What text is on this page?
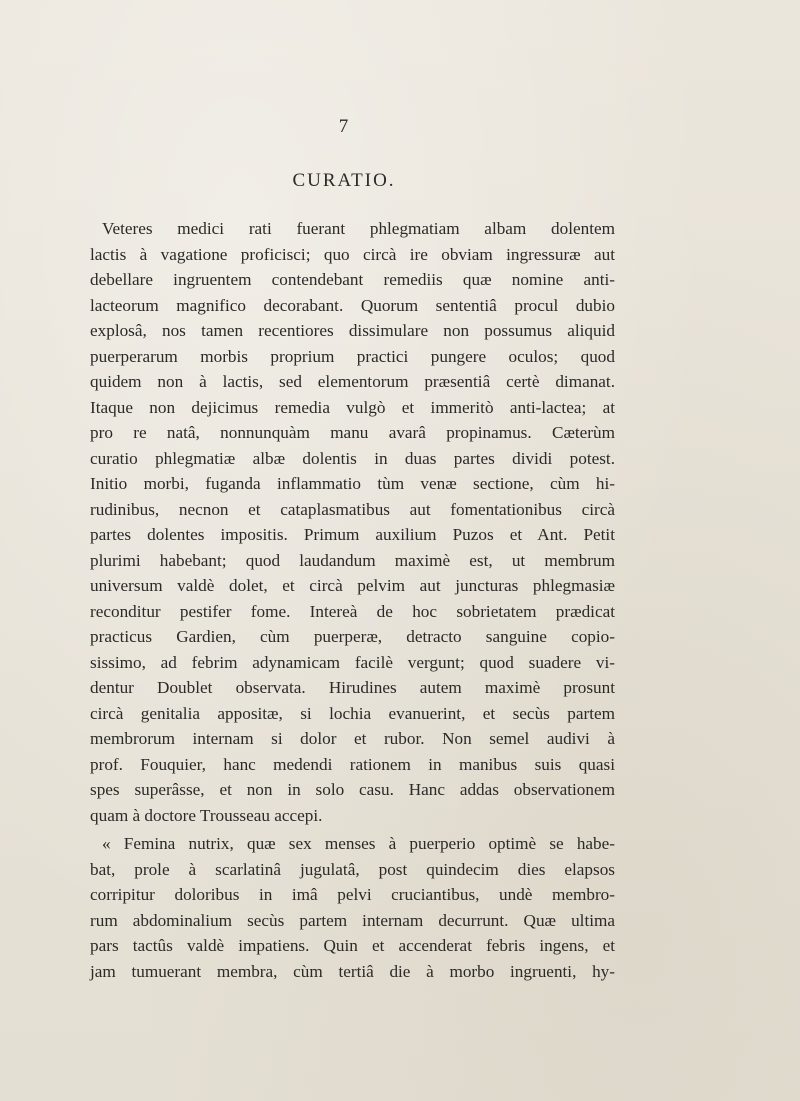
7
CURATIO.
Veteres medici rati fuerant phlegmatiam albam dolentem
lactis à vagatione proficisci; quo circà ire obviam ingressuræ aut
debellare ingruentem contendebant remediis quæ nomine anti-
lacteorum magnifico decorabant. Quorum sententiâ procul dubio
explosâ, nos tamen recentiores dissimulare non possumus aliquid
puerperarum morbis proprium practici pungere oculos; quod
quidem non à lactis, sed elementorum præsentiâ certè dimanat.
Itaque non dejicimus remedia vulgò et immeritò anti-lactea; at
pro re natâ, nonnunquàm manu avarâ propinamus. Cæterùm
curatio phlegmatiæ albæ dolentis in duas partes dividi potest.
Initio morbi, fuganda inflammatio tùm venæ sectione, cùm hi-
rudinibus, necnon et cataplasmatibus aut fomentationibus circà
partes dolentes impositis. Primum auxilium Puzos et Ant. Petit
plurimi habebant; quod laudandum maximè est, ut membrum
universum valdè dolet, et circà pelvim aut juncturas phlegmasiæ
reconditur pestifer fome. Intereà de hoc sobrietatem prædicat
practicus Gardien, cùm puerperæ, detracto sanguine copio-
sissimo, ad febrim adynamicam facilè vergunt; quod suadere vi-
dentur Doublet observata. Hirudines autem maximè prosunt
circà genitalia appositæ, si lochia evanuerint, et secùs partem
membrorum internam si dolor et rubor. Non semel audivi à
prof. Fouquier, hanc medendi rationem in manibus suis quasi
spes superâsse, et non in solo casu. Hanc addas observationem
quam à doctore Trousseau accepi.
« Femina nutrix, quæ sex menses à puerperio optimè se habe-
bat, prole à scarlatinâ jugulatâ, post quindecim dies elapsos
corripitur doloribus in imâ pelvi cruciantibus, undè membro-
rum abdominalium secùs partem internam decurrunt. Quæ ultima
pars tactûs valdè impatiens. Quin et accenderat febris ingens, et
jam tumuerant membra, cùm tertiâ die à morbo ingruenti, hy-
